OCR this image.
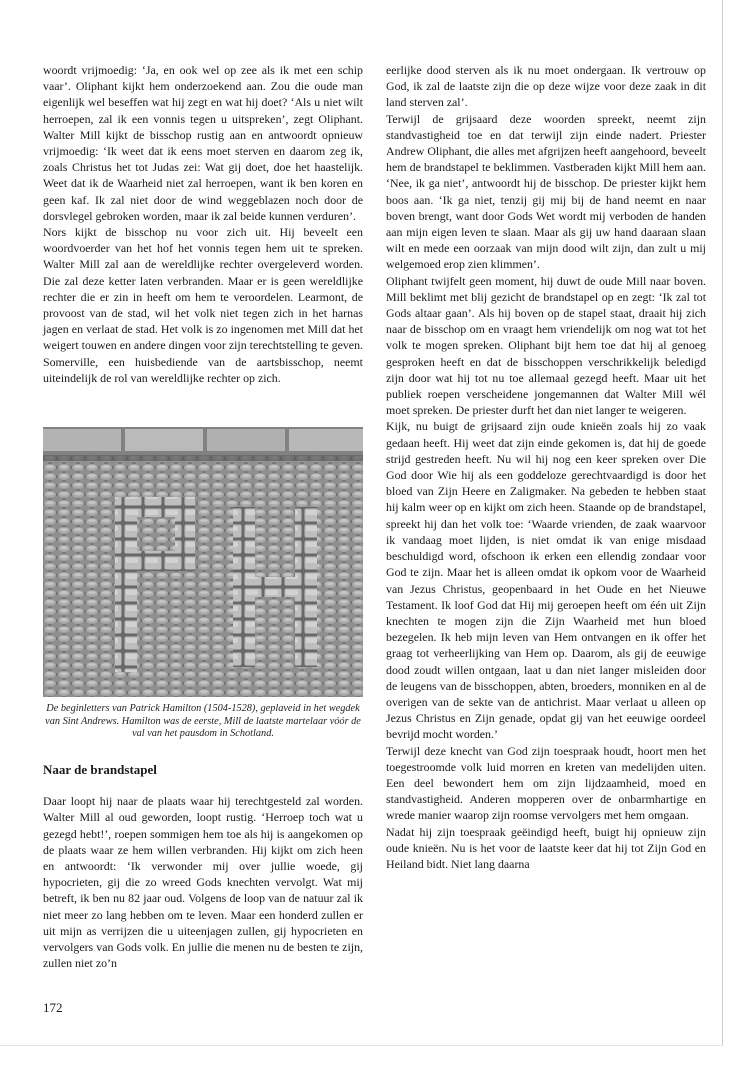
woordt vrijmoedig: ‘Ja, en ook wel op zee als ik met een schip vaar’. Oliphant kijkt hem onderzoekend aan. Zou die oude man eigenlijk wel beseffen wat hij zegt en wat hij doet? ‘Als u niet wilt herroepen, zal ik een vonnis tegen u uitspreken’, zegt Oliphant. Walter Mill kijkt de bisschop rustig aan en antwoordt opnieuw vrijmoedig: ‘Ik weet dat ik eens moet sterven en daarom zeg ik, zoals Christus het tot Judas zei: Wat gij doet, doe het haastelijk. Weet dat ik de Waarheid niet zal herroepen, want ik ben koren en geen kaf. Ik zal niet door de wind weggeblazen noch door de dorsvlegel gebroken worden, maar ik zal beide kunnen verduren’.

Nors kijkt de bisschop nu voor zich uit. Hij beveelt een woordvoerder van het hof het vonnis tegen hem uit te spreken. Walter Mill zal aan de wereldlijke rechter overgeleverd worden. Die zal deze ketter laten verbranden. Maar er is geen wereldlijke rechter die er zin in heeft om hem te veroordelen. Learmont, de provoost van de stad, wil het volk niet tegen zich in het harnas jagen en verlaat de stad. Het volk is zo ingenomen met Mill dat het weigert touwen en andere dingen voor zijn terechtstelling te geven. Somerville, een huisbediende van de aartsbisschop, neemt uiteindelijk de rol van wereldlijke rechter op zich.

De beginletters van Patrick Hamilton (1504-1528), geplaveid in het wegdek van Sint Andrews. Hamilton was de eerste, Mill de laatste martelaar vóór de val van het pausdom in Schotland.

Naar de brandstapel

Daar loopt hij naar de plaats waar hij terechtgesteld zal worden. Walter Mill al oud geworden, loopt rustig. ‘Herroep toch wat u gezegd hebt!’, roepen sommigen hem toe als hij is aangekomen op de plaats waar ze hem willen verbranden. Hij kijkt om zich heen en antwoordt: ‘Ik verwonder mij over jullie woede, gij hypocrieten, gij die zo wreed Gods knechten vervolgt. Wat mij betreft, ik ben nu 82 jaar oud. Volgens de loop van de natuur zal ik niet meer zo lang hebben om te leven. Maar een honderd zullen er uit mijn as verrijzen die u uiteenjagen zullen, gij hypocrieten en vervolgers van Gods volk. En jullie die menen nu de besten te zijn, zullen niet zo’n

eerlijke dood sterven als ik nu moet ondergaan. Ik vertrouw op God, ik zal de laatste zijn die op deze wijze voor deze zaak in dit land sterven zal’.

Terwijl de grijsaard deze woorden spreekt, neemt zijn standvastigheid toe en dat terwijl zijn einde nadert. Priester Andrew Oliphant, die alles met afgrijzen heeft aangehoord, beveelt hem de brandstapel te beklimmen. Vastberaden kijkt Mill hem aan. ‘Nee, ik ga niet’, antwoordt hij de bisschop. De priester kijkt hem boos aan. ‘Ik ga niet, tenzij gij mij bij de hand neemt en naar boven brengt, want door Gods Wet wordt mij verboden de handen aan mijn eigen leven te slaan. Maar als gij uw hand daaraan slaan wilt en mede een oorzaak van mijn dood wilt zijn, dan zult u mij welgemoed erop zien klimmen’.

Oliphant twijfelt geen moment, hij duwt de oude Mill naar boven. Mill beklimt met blij gezicht de brandstapel op en zegt: ‘Ik zal tot Gods altaar gaan’. Als hij boven op de stapel staat, draait hij zich naar de bisschop om en vraagt hem vriendelijk om nog wat tot het volk te mogen spreken. Oliphant bijt hem toe dat hij al genoeg gesproken heeft en dat de bisschoppen verschrikkelijk beledigd zijn door wat hij tot nu toe allemaal gezegd heeft. Maar uit het publiek roepen verscheidene jongemannen dat Walter Mill wél moet spreken. De priester durft het dan niet langer te weigeren.

Kijk, nu buigt de grijsaard zijn oude knieën zoals hij zo vaak gedaan heeft. Hij weet dat zijn einde gekomen is, dat hij de goede strijd gestreden heeft. Nu wil hij nog een keer spreken over Die God door Wie hij als een goddeloze gerechtvaardigd is door het bloed van Zijn Heere en Zaligmaker. Na gebeden te hebben staat hij kalm weer op en kijkt om zich heen. Staande op de brandstapel, spreekt hij dan het volk toe: ‘Waarde vrienden, de zaak waarvoor ik vandaag moet lijden, is niet omdat ik van enige misdaad beschuldigd word, ofschoon ik erken een ellendig zondaar voor God te zijn. Maar het is alleen omdat ik opkom voor de Waarheid van Jezus Christus, geopenbaard in het Oude en het Nieuwe Testament. Ik loof God dat Hij mij geroepen heeft om één uit Zijn knechten te mogen zijn die Zijn Waarheid met hun bloed bezegelen. Ik heb mijn leven van Hem ontvangen en ik offer het graag tot verheerlijking van Hem op. Daarom, als gij de eeuwige dood zoudt willen ontgaan, laat u dan niet langer misleiden door de leugens van de bisschoppen, abten, broeders, monniken en al de overigen van de sekte van de antichrist. Maar verlaat u alleen op Jezus Christus en Zijn genade, opdat gij van het eeuwige oordeel bevrijd mocht worden.’

Terwijl deze knecht van God zijn toespraak houdt, hoort men het toegestroomde volk luid morren en kreten van medelijden uiten. Een deel bewondert hem om zijn lijdzaamheid, moed en standvastigheid. Anderen mopperen over de onbarmhartige en wrede manier waarop zijn roomse vervolgers met hem omgaan.

Nadat hij zijn toespraak geëindigd heeft, buigt hij opnieuw zijn oude knieën. Nu is het voor de laatste keer dat hij tot Zijn God en Heiland bidt. Niet lang daarna

172
